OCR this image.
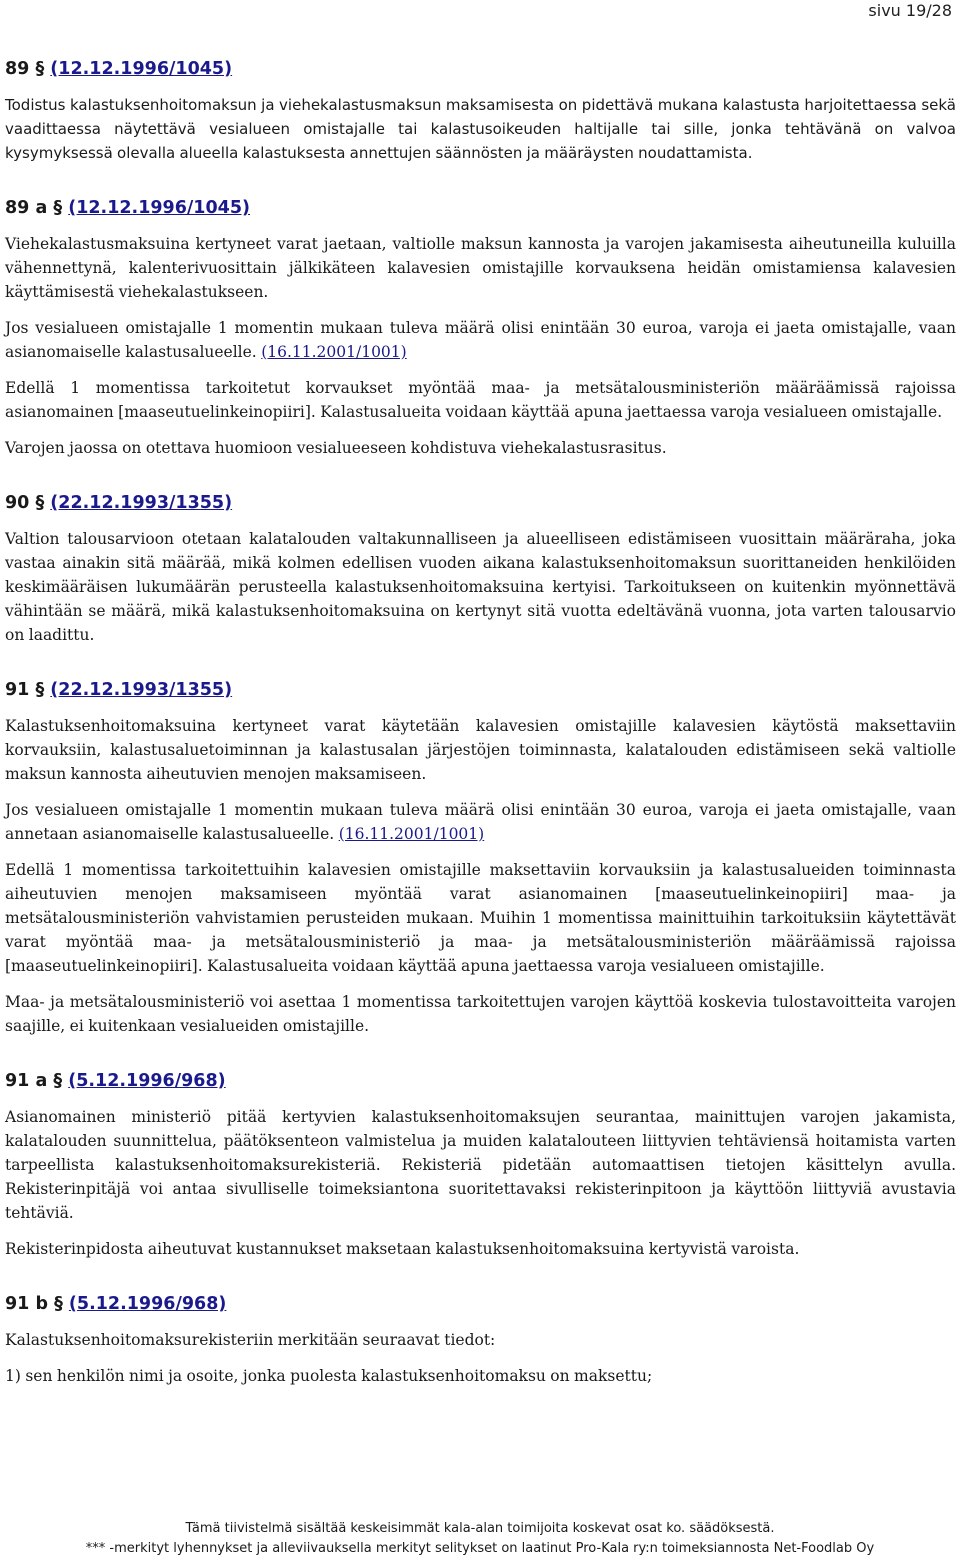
sivu 19/28
89 § (12.12.1996/1045)

Todistus kalastuksenhoitomaksun ja viehekalastusmaksun maksamisesta on pidettävä mukana kalastusta harjoitettaessa sekä vaadittaessa näytettävä vesialueen omistajalle tai kalastusoikeuden haltijalle tai sille, jonka tehtävänä on valvoa kysymyksessä olevalla alueella kalastuksesta annettujen säännösten ja määräysten noudattamista.

89 a § (12.12.1996/1045)

Viehekalastusmaksuina kertyneet varat jaetaan, valtiolle maksun kannosta ja varojen jakamisesta aiheutuneilla kuluilla vähennettynä, kalenterivuosittain jälkikäteen kalavesien omistajille korvauksena heidän omistamiensa kalavesien käyttämisestä viehekalastukseen.

Jos vesialueen omistajalle 1 momentin mukaan tuleva määrä olisi enintään 30 euroa, varoja ei jaeta omistajalle, vaan asianomaiselle kalastusalueelle. (16.11.2001/1001)

Edellä 1 momentissa tarkoitetut korvaukset myöntää maa- ja metsätalousministeriön määräämissä rajoissa asianomainen [maaseutuelinkeinopiiri]. Kalastusalueita voidaan käyttää apuna jaettaessa varoja vesialueen omistajalle.

Varojen jaossa on otettava huomioon vesialueeseen kohdistuva viehekalastusrasitus.

90 § (22.12.1993/1355)

Valtion talousarvioon otetaan kalatalouden valtakunnalliseen ja alueelliseen edistämiseen vuosittain määräraha, joka vastaa ainakin sitä määrää, mikä kolmen edellisen vuoden aikana kalastuksenhoitomaksun suorittaneiden henkilöiden keskimääräisen lukumäärän perusteella kalastuksenhoitomaksuina kertyisi. Tarkoitukseen on kuitenkin myönnettävä vähintään se määrä, mikä kalastuksenhoitomaksuina on kertynyt sitä vuotta edeltävänä vuonna, jota varten talousarvio on laadittu.

91 § (22.12.1993/1355)

Kalastuksenhoitomaksuina kertyneet varat käytetään kalavesien omistajille kalavesien käytöstä maksettaviin korvauksiin, kalastusaluetoiminnan ja kalastusalan järjestöjen toiminnasta, kalatalouden edistämiseen sekä valtiolle maksun kannosta aiheutuvien menojen maksamiseen.

Jos vesialueen omistajalle 1 momentin mukaan tuleva määrä olisi enintään 30 euroa, varoja ei jaeta omistajalle, vaan annetaan asianomaiselle kalastusalueelle. (16.11.2001/1001)

Edellä 1 momentissa tarkoitettuihin kalavesien omistajille maksettaviin korvauksiin ja kalastusalueiden toiminnasta aiheutuvien menojen maksamiseen myöntää varat asianomainen [maaseutuelinkeinopiiri] maa- ja metsätalousministeriön vahvistamien perusteiden mukaan. Muihin 1 momentissa mainittuihin tarkoituksiin käytettävät varat myöntää maa- ja metsätalousministeriö ja maa- ja metsätalousministeriön määräämissä rajoissa [maaseutuelinkeinopiiri]. Kalastusalueita voidaan käyttää apuna jaettaessa varoja vesialueen omistajille.

Maa- ja metsätalousministeriö voi asettaa 1 momentissa tarkoitettujen varojen käyttöä koskevia tulostavoitteita varojen saajille, ei kuitenkaan vesialueiden omistajille.

91 a § (5.12.1996/968)

Asianomainen ministeriö pitää kertyvien kalastuksenhoitomaksujen seurantaa, mainittujen varojen jakamista, kalatalouden suunnittelua, päätöksenteon valmistelua ja muiden kalatalouteen liittyvien tehtäviensä hoitamista varten tarpeellista kalastuksenhoitomaksurekisteriä. Rekisteriä pidetään automaattisen tietojen käsittelyn avulla. Rekisterinpitäjä voi antaa sivulliselle toimeksiantona suoritettavaksi rekisterinpitoon ja käyttöön liittyviä avustavia tehtäviä.

Rekisterinpidosta aiheutuvat kustannukset maksetaan kalastuksenhoitomaksuina kertyvistä varoista.

91 b § (5.12.1996/968)

Kalastuksenhoitomaksurekisteriin merkitään seuraavat tiedot:

1) sen henkilön nimi ja osoite, jonka puolesta kalastuksenhoitomaksu on maksettu;

Tämä tiivistelmä sisältää keskeisimmät kala-alan toimijoita koskevat osat ko. säädöksestä.
*** -merkityt lyhennykset ja alleviivauksella merkityt selitykset on laatinut Pro-Kala ry:n toimeksiannosta Net-Foodlab Oy
